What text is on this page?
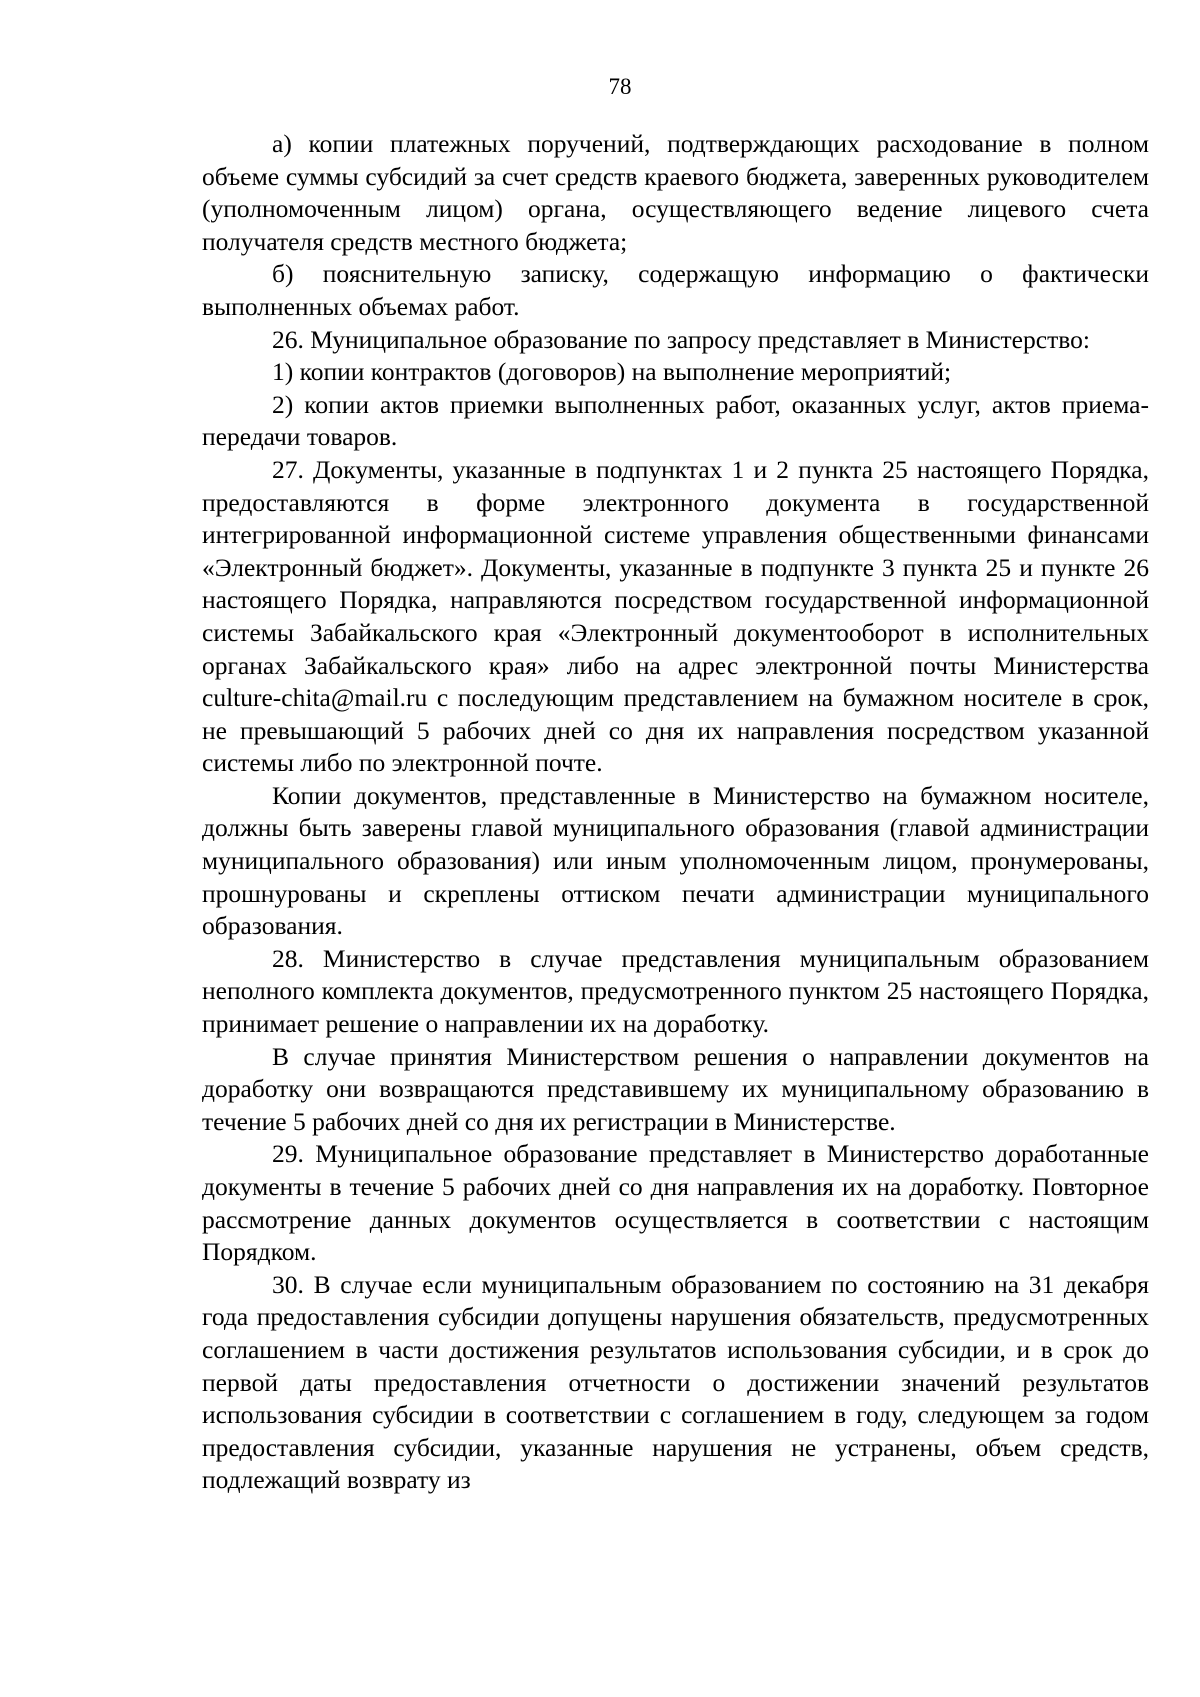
78

а) копии платежных поручений, подтверждающих расходование в полном объеме суммы субсидий за счет средств краевого бюджета, заверенных руководителем (уполномоченным лицом) органа, осуществляющего ведение лицевого счета получателя средств местного бюджета;

б) пояснительную записку, содержащую информацию о фактически выполненных объемах работ.

26. Муниципальное образование по запросу представляет в Министерство:

1) копии контрактов (договоров) на выполнение мероприятий;

2) копии актов приемки выполненных работ, оказанных услуг, актов приема-передачи товаров.

27. Документы, указанные в подпунктах 1 и 2 пункта 25 настоящего Порядка, предоставляются в форме электронного документа в государственной интегрированной информационной системе управления общественными финансами «Электронный бюджет». Документы, указанные в подпункте 3 пункта 25 и пункте 26 настоящего Порядка, направляются посредством государственной информационной системы Забайкальского края «Электронный документооборот в исполнительных органах Забайкальского края» либо на адрес электронной почты Министерства culture-chita@mail.ru с последующим представлением на бумажном носителе в срок, не превышающий 5 рабочих дней со дня их направления посредством указанной системы либо по электронной почте.

Копии документов, представленные в Министерство на бумажном носителе, должны быть заверены главой муниципального образования (главой администрации муниципального образования) или иным уполномоченным лицом, пронумерованы, прошнурованы и скреплены оттиском печати администрации муниципального образования.

28. Министерство в случае представления муниципальным образованием неполного комплекта документов, предусмотренного пунктом 25 настоящего Порядка, принимает решение о направлении их на доработку.

В случае принятия Министерством решения о направлении документов на доработку они возвращаются представившему их муниципальному образованию в течение 5 рабочих дней со дня их регистрации в Министерстве.

29. Муниципальное образование представляет в Министерство доработанные документы в течение 5 рабочих дней со дня направления их на доработку. Повторное рассмотрение данных документов осуществляется в соответствии с настоящим Порядком.

30. В случае если муниципальным образованием по состоянию на 31 декабря года предоставления субсидии допущены нарушения обязательств, предусмотренных соглашением в части достижения результатов использования субсидии, и в срок до первой даты предоставления отчетности о достижении значений результатов использования субсидии в соответствии с соглашением в году, следующем за годом предоставления субсидии, указанные нарушения не устранены, объем средств, подлежащий возврату из
